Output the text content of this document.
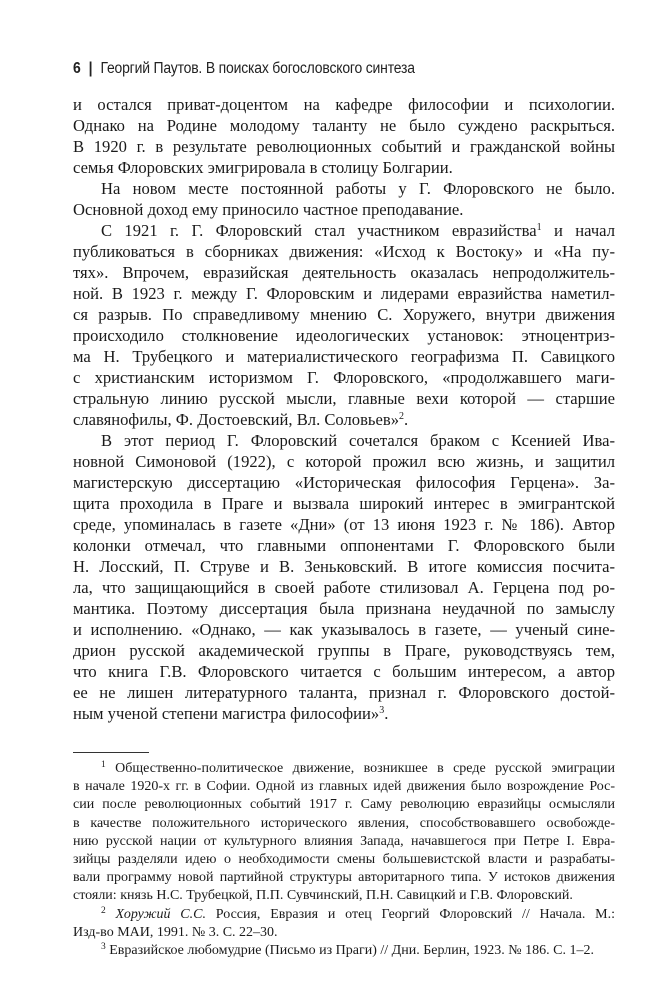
6 | Георгий Паутов. В поисках богословского синтеза
и остался приват-доцентом на кафедре философии и психологии.
Однако на Родине молодому таланту не было суждено раскрыться.
В 1920 г. в результате революционных событий и гражданской войны
семья Флоровских эмигрировала в столицу Болгарии.
На новом месте постоянной работы у Г. Флоровского не было.
Основной доход ему приносило частное преподавание.
С 1921 г. Г. Флоровский стал участником евразийства$^1$ и начал
публиковаться в сборниках движения: «Исход к Востоку» и «На пу-
тях». Впрочем, евразийская деятельность оказалась непродолжитель-
ной. В 1923 г. между Г. Флоровским и лидерами евразийства наметил-
ся разрыв. По справедливому мнению С. Хоружего, внутри движения
происходило столкновение идеологических установок: этноцентриз-
ма Н. Трубецкого и материалистического географизма П. Савицкого
с христианским историзмом Г. Флоровского, «продолжавшего маги-
стральную линию русской мысли, главные вехи которой — старшие
славянофилы, Ф. Достоевский, Вл. Соловьев»$^2$.
В этот период Г. Флоровский сочетался браком с Ксенией Ива-
новной Симоновой (1922), с которой прожил всю жизнь, и защитил
магистерскую диссертацию «Историческая философия Герцена». За-
щита проходила в Праге и вызвала широкий интерес в эмигрантской
среде, упоминалась в газете «Дни» (от 13 июня 1923 г. № 186). Автор
колонки отмечал, что главными оппонентами Г. Флоровского были
Н. Лосский, П. Струве и В. Зеньковский. В итоге комиссия посчита-
ла, что защищающийся в своей работе стилизовал А. Герцена под ро-
мантика. Поэтому диссертация была признана неудачной по замыслу
и исполнению. «Однако, — как указывалось в газете, — ученый сине-
дрион русской академической группы в Праге, руководствуясь тем,
что книга Г.В. Флоровского читается с большим интересом, а автор
ее не лишен литературного таланта, признал г. Флоровского достой-
ным ученой степени магистра философии»$^3$.
$^1$ Общественно-политическое движение, возникшее в среде русской эмиграции
в начале 1920-х гг. в Софии. Одной из главных идей движения было возрождение Рос-
сии после революционных событий 1917 г. Саму революцию евразийцы осмысляли
в качестве положительного исторического явления, способствовавшего освобожде-
нию русской нации от культурного влияния Запада, начавшегося при Петре I. Евра-
зийцы разделяли идею о необходимости смены большевистской власти и разрабаты-
вали программу новой партийной структуры авторитарного типа. У истоков движения
стояли: князь Н.С. Трубецкой, П.П. Сувчинский, П.Н. Савицкий и Г.В. Флоровский.
$^2$ Хоружий С.С. Россия, Евразия и отец Георгий Флоровский // Начала. М.:
Изд-во МАИ, 1991. № 3. С. 22–30.
$^3$ Евразийское любомудрие (Письмо из Праги) // Дни. Берлин, 1923. № 186. С. 1–2.
